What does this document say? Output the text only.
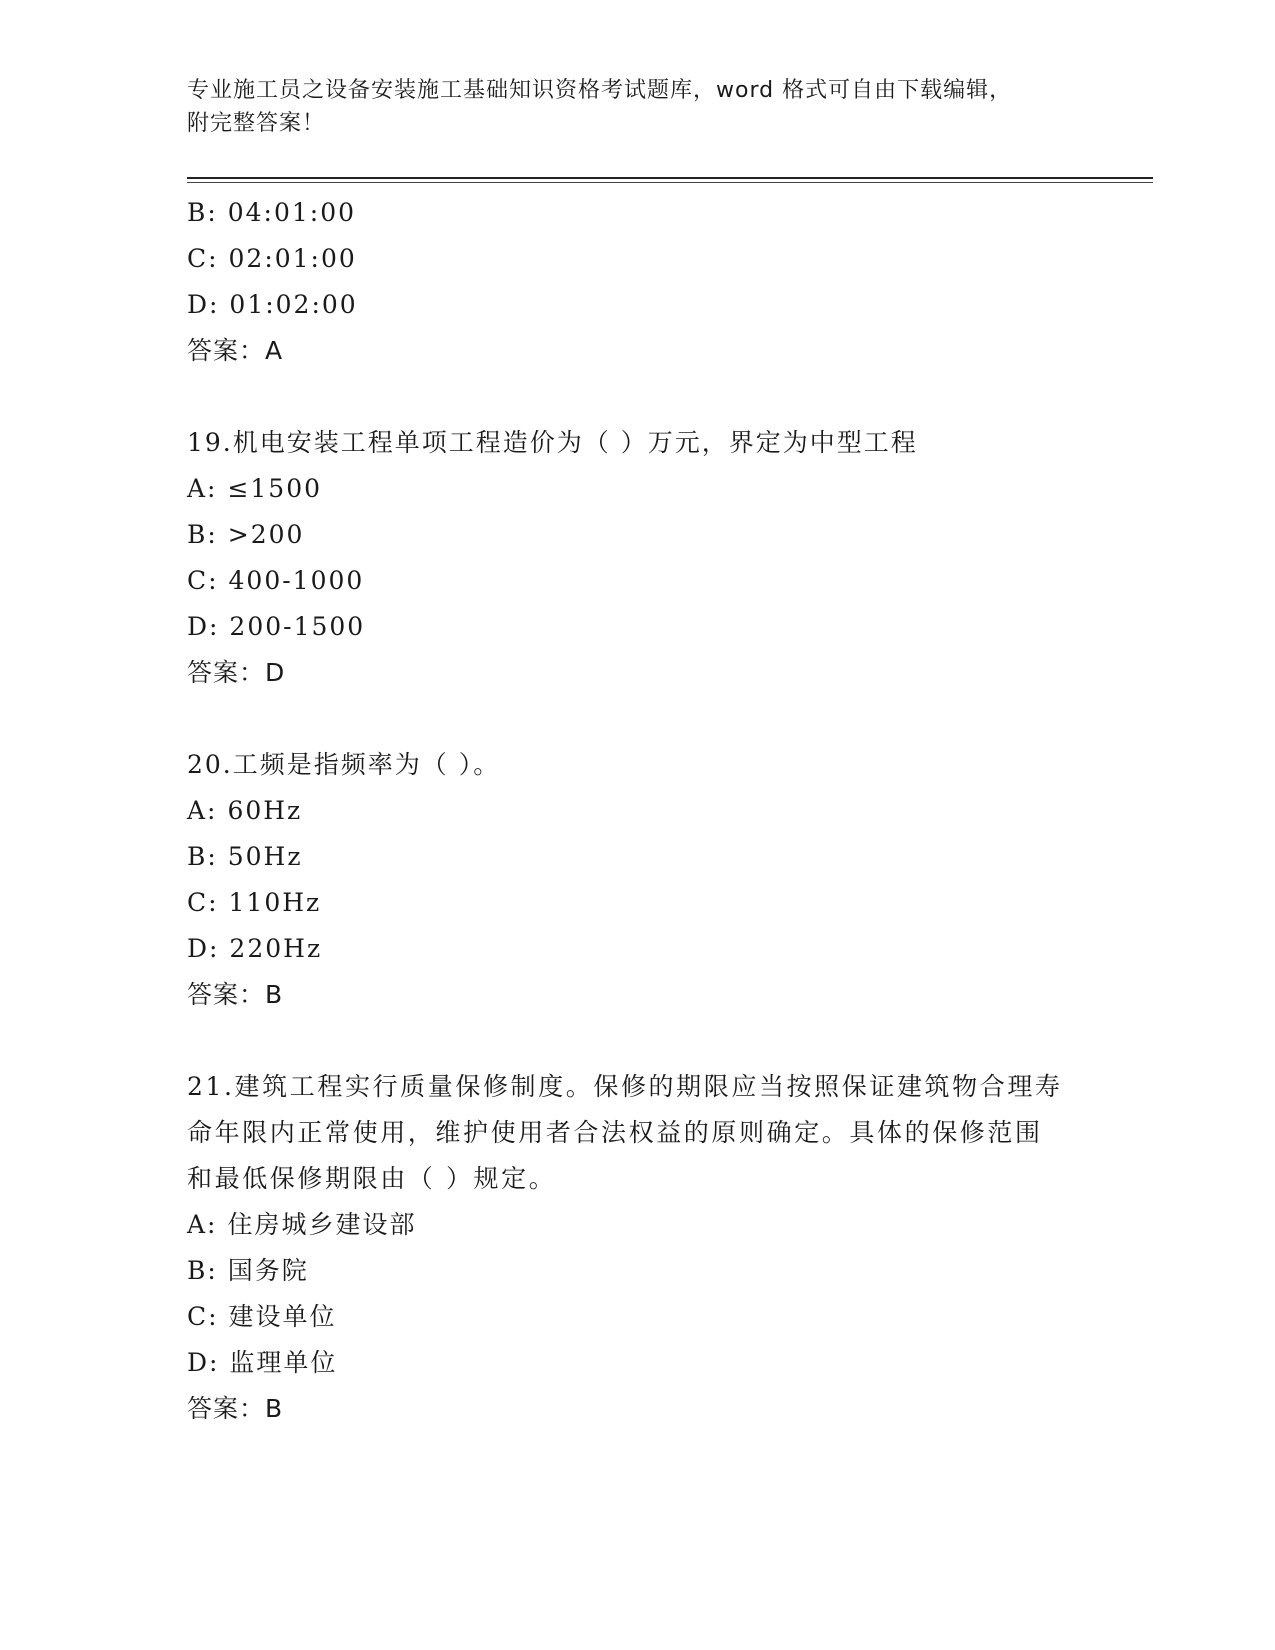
专业施工员之设备安装施工基础知识资格考试题库，word 格式可自由下载编辑，
附完整答案！
B: 04:01:00
C: 02:01:00
D: 01:02:00
答案：A
19.机电安装工程单项工程造价为（ ）万元，界定为中型工程
A: ≤1500
B: >200
C: 400-1000
D: 200-1500
答案：D
20.工频是指频率为（ ）。
A: 60Hz
B: 50Hz
C: 110Hz
D: 220Hz
答案：B
21.建筑工程实行质量保修制度。保修的期限应当按照保证建筑物合理寿命年限内正常使用，维护使用者合法权益的原则确定。具体的保修范围和最低保修期限由（ ）规定。
A: 住房城乡建设部
B: 国务院
C: 建设单位
D: 监理单位
答案：B
